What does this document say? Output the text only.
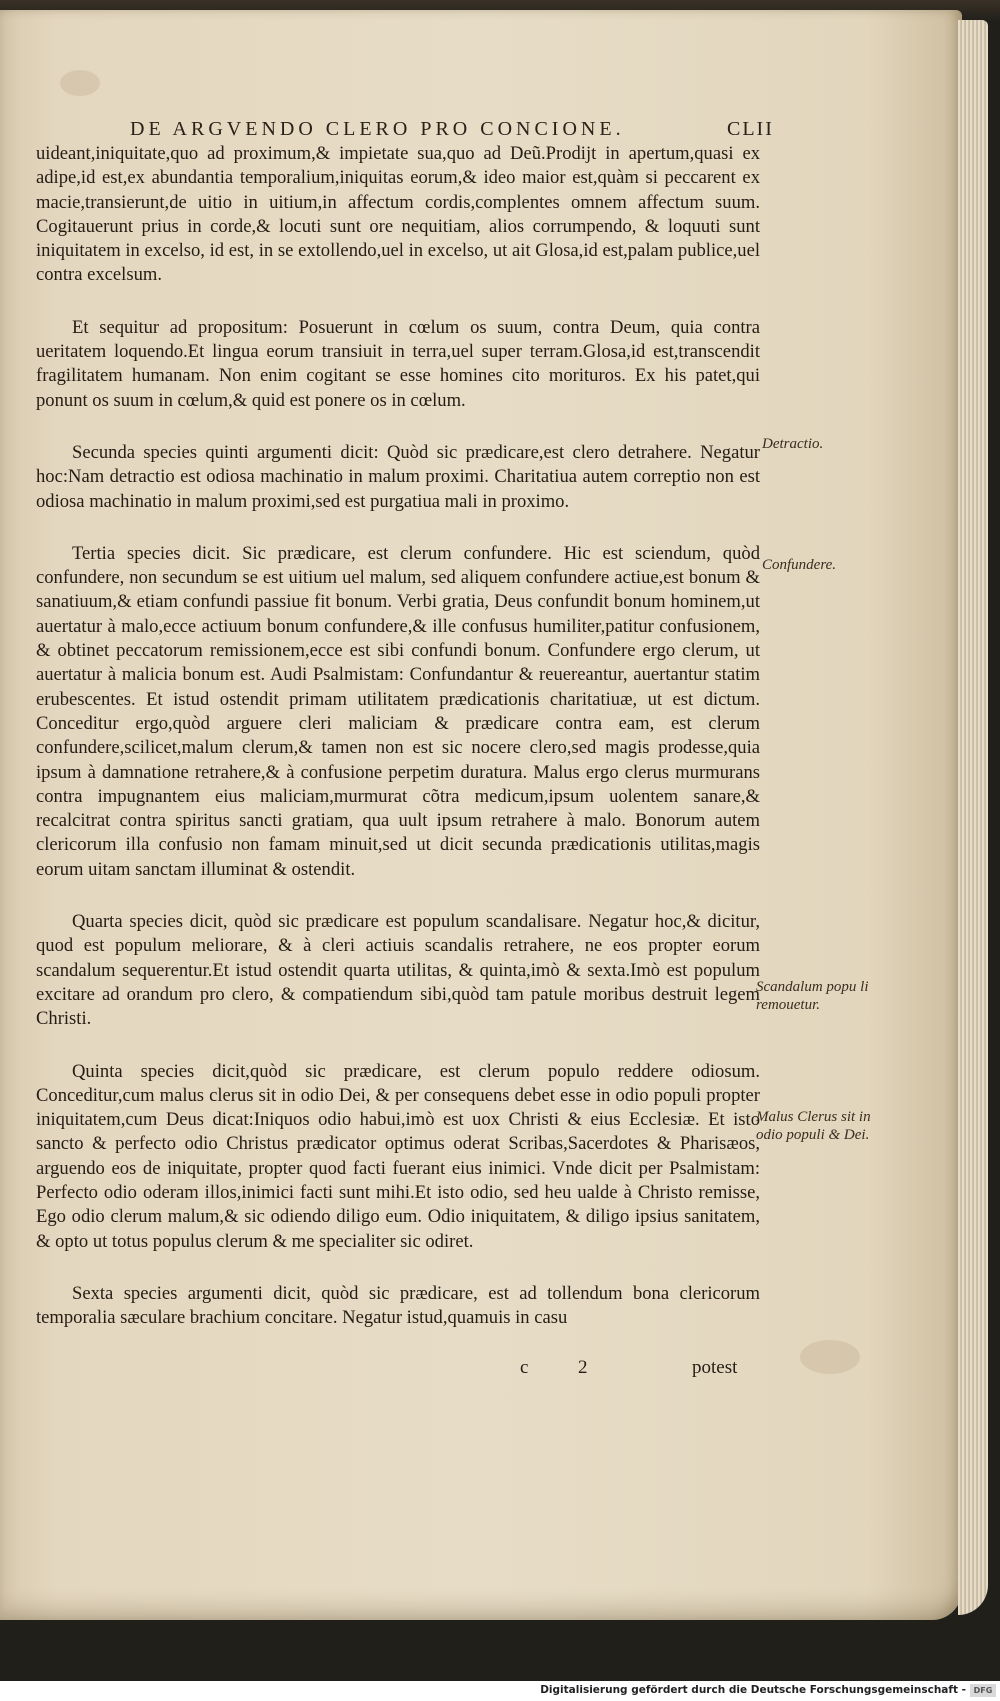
DE ARGVENDO CLERO PRO CONCIONE.	CLII

uideant,iniquitate,quo ad proximum,& impietate sua,quo ad Deũ.Prodijt in apertum,quasi ex adipe,id est,ex abundantia temporalium,iniquitas eorum,& ideo maior est,quàm si peccarent ex macie,transierunt,de uitio in uitium,in affectum cordis,complentes omnem affectum suum. Cogitauerunt prius in corde,& locuti sunt ore nequitiam, alios corrumpendo, & loquuti sunt iniquitatem in excelso, id est, in se extollendo,uel in excelso, ut ait Glosa,id est,palam publice,uel contra excelsum.

Et sequitur ad propositum: Posuerunt in cœlum os suum, contra Deum, quia contra ueritatem loquendo.Et lingua eorum transiuit in terra,uel super terram.Glosa,id est,transcendit fragilitatem humanam. Non enim cogitant se esse homines cito morituros. Ex his patet,qui ponunt os suum in cœlum,& quid est ponere os in cœlum.

Secunda species quinti argumenti dicit: Quòd sic prædicare,est clero detrahere. Negatur hoc:Nam detractio est odiosa machinatio in malum proximi. Charitatiua autem correptio non est odiosa machinatio in malum proximi,sed est purgatiua mali in proximo.

Tertia species dicit. Sic prædicare, est clerum confundere. Hic est sciendum, quòd confundere, non secundum se est uitium uel malum, sed aliquem confundere actiue,est bonum & sanatiuum,& etiam confundi passiue fit bonum. Verbi gratia, Deus confundit bonum hominem,ut auertatur à malo,ecce actiuum bonum confundere,& ille confusus humiliter,patitur confusionem, & obtinet peccatorum remissionem,ecce est sibi confundi bonum. Confundere ergo clerum, ut auertatur à malicia bonum est. Audi Psalmistam: Confundantur & reuereantur, auertantur statim erubescentes. Et istud ostendit primam utilitatem prædicationis charitatiuæ, ut est dictum. Conceditur ergo,quòd arguere cleri maliciam & prædicare contra eam, est clerum confundere,scilicet,malum clerum,& tamen non est sic nocere clero,sed magis prodesse,quia ipsum à damnatione retrahere,& à confusione perpetim duratura. Malus ergo clerus murmurans contra impugnantem eius maliciam,murmurat cõtra medicum,ipsum uolentem sanare,& recalcitrat contra spiritus sancti gratiam, qua uult ipsum retrahere à malo. Bonorum autem clericorum illa confusio non famam minuit,sed ut dicit secunda prædicationis utilitas,magis eorum uitam sanctam illuminat & ostendit.

Quarta species dicit, quòd sic prædicare est populum scandalisare. Negatur hoc,& dicitur, quod est populum meliorare, & à cleri actiuis scandalis retrahere, ne eos propter eorum scandalum sequerentur.Et istud ostendit quarta utilitas, & quinta,imò & sexta.Imò est populum excitare ad orandum pro clero, & compatiendum sibi,quòd tam patule moribus destruit legem Christi.

Quinta species dicit,quòd sic prædicare, est clerum populo reddere odiosum. Conceditur,cum malus clerus sit in odio Dei, & per consequens debet esse in odio populi propter iniquitatem,cum Deus dicat:Iniquos odio habui,imò est uox Christi & eius Ecclesiæ. Et isto sancto & perfecto odio Christus prædicator optimus oderat Scribas,Sacerdotes & Pharisæos, arguendo eos de iniquitate, propter quod facti fuerant eius inimici. Vnde dicit per Psalmistam: Perfecto odio oderam illos,inimici facti sunt mihi.Et isto odio, sed heu ualde à Christo remisse, Ego odio clerum malum,& sic odiendo diligo eum. Odio iniquitatem, & diligo ipsius sanitatem, & opto ut totus populus clerum & me specialiter sic odiret.

Sexta species argumenti dicit, quòd sic prædicare, est ad tollendum bona clericorum temporalia sæculare brachium concitare. Negatur istud,quamuis in casu

Detractio.
Confundere.
Scandalum popu li remouetur.
Malus Clerus sit in odio populi & Dei.
c	2	potest
Digitalisierung gefördert durch die Deutsche Forschungsgemeinschaft - DFG
